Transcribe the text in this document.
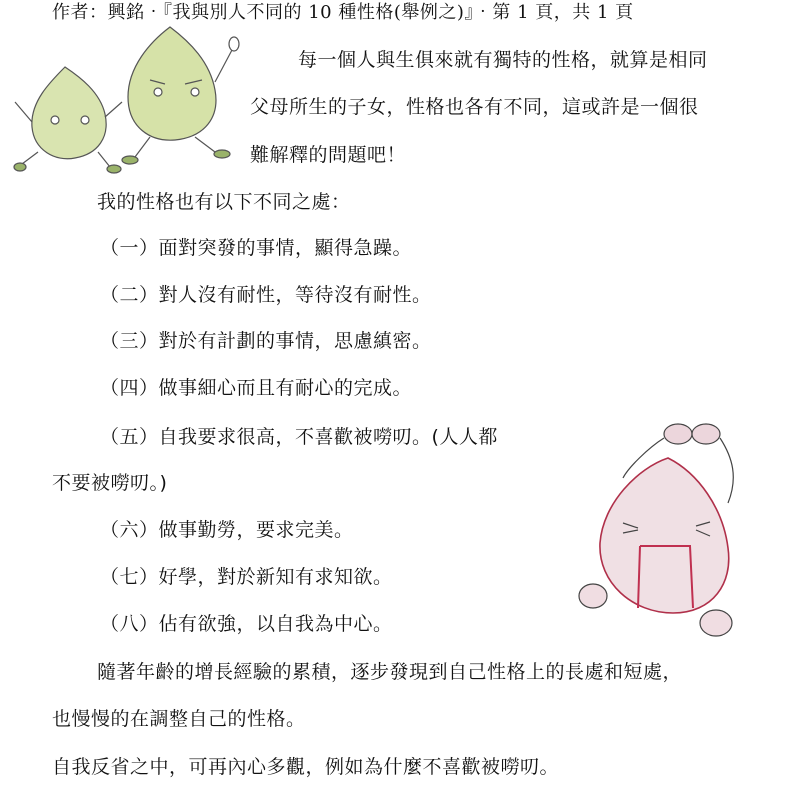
作者：興銘‧『我與別人不同的 10 種性格(舉例之)』‧第 1 頁，共 1 頁
每一個人與生俱來就有獨特的性格，就算是相同
父母所生的子女，性格也各有不同，這或許是一個很
難解釋的問題吧！
我的性格也有以下不同之處：
（一）面對突發的事情，顯得急躁。
（二）對人沒有耐性，等待沒有耐性。
（三）對於有計劃的事情，思慮縝密。
（四）做事細心而且有耐心的完成。
（五）自我要求很高，不喜歡被嘮叨。(人人都
不要被嘮叨。)
（六）做事勤勞，要求完美。
（七）好學，對於新知有求知欲。
（八）佔有欲強，以自我為中心。
隨著年齡的增長經驗的累積，逐步發現到自己性格上的長處和短處，
也慢慢的在調整自己的性格。
自我反省之中，可再內心多觀，例如為什麼不喜歡被嘮叨。
